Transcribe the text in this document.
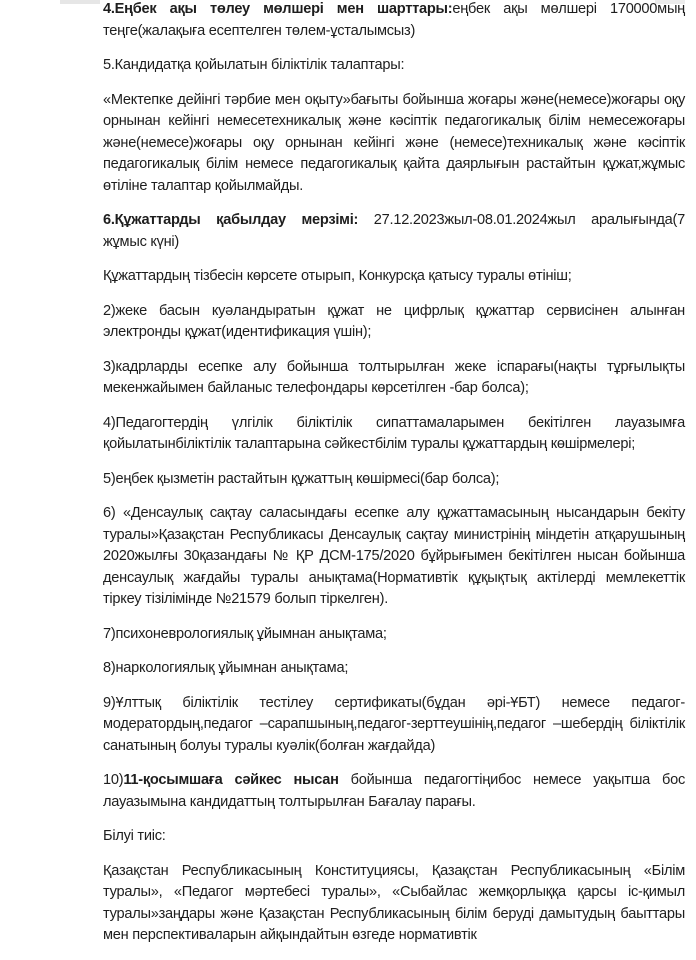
4.Еңбек ақы төлеу мөлшері мен шарттары:еңбек ақы мөлшері 170000мың теңге(жалақыға есептелген төлем-ұсталымсыз)

5.Кандидатқа қойылатын біліктілік талаптары:

«Мектепке дейінгі тәрбие мен оқыту»бағыты бойынша жоғары және(немесе)жоғары оқу орнынан кейінгі немесетехникалық және кәсіптік педагогикалық білім немесежоғары және(немесе)жоғары оқу орнынан кейінгі және (немесе)техникалық және кәсіптік педагогикалық білім немесе педагогикалық қайта даярлығын растайтын құжат,жұмыс өтіліне талаптар қойылмайды.

6.Құжаттарды қабылдау мерзімі: 27.12.2023жыл-08.01.2024жыл аралығында(7 жұмыс күні)

Құжаттардың тізбесін көрсете отырып, Конкурсқа қатысу туралы өтініш;

2)жеке басын куәландыратын құжат не цифрлық құжаттар сервисінен алынған электронды құжат(идентификация үшін);

3)кадрларды есепке алу бойынша толтырылған жеке іспарағы(нақты тұрғылықты мекенжайымен байланыс телефондары көрсетілген -бар болса);

4)Педагогтердің үлгілік біліктілік сипаттамаларымен бекітілген лауазымға қойылатынбіліктілік талаптарына сәйкестбілім туралы құжаттардың көшірмелері;

5)еңбек қызметін растайтын құжаттың көшірмесі(бар болса);

6) «Денсаулық сақтау саласындағы есепке алу құжаттамасының нысандарын бекіту туралы»Қазақстан Республикасы Денсаулық сақтау министрінің міндетін атқарушының 2020жылғы 30қазандағы № ҚР ДСМ-175/2020 бұйрығымен бекітілген нысан бойынша денсаулық жағдайы туралы анықтама(Нормативтік құқықтық актілерді мемлекеттік тіркеу тізілімінде №21579 болып тіркелген).

7)психоневрологиялық ұйымнан анықтама;

8)наркологиялық ұйымнан анықтама;

9)Ұлттық біліктілік тестілеу сертификаты(бұдан әрі-ҰБТ) немесе педагог-модератордың,педагог –сарапшының,педагог-зерттеушінің,педагог –шебердің біліктілік санатының болуы туралы куәлік(болған жағдайда)

10)11-қосымшаға сәйкес нысан бойынша педагогтіңибос немесе уақытша бос лауазымына кандидаттың толтырылған Бағалау парағы.

Білуі тиіс:

Қазақстан Республикасының Конституциясы, Қазақстан Республикасының «Білім туралы», «Педагог мәртебесі туралы», «Сыбайлас жемқорлыққа қарсы іс-қимыл туралы»заңдары және Қазақстан Республикасының білім беруді дамытудың баыттары мен перспективаларын айқындайтын өзгеде нормативтік
